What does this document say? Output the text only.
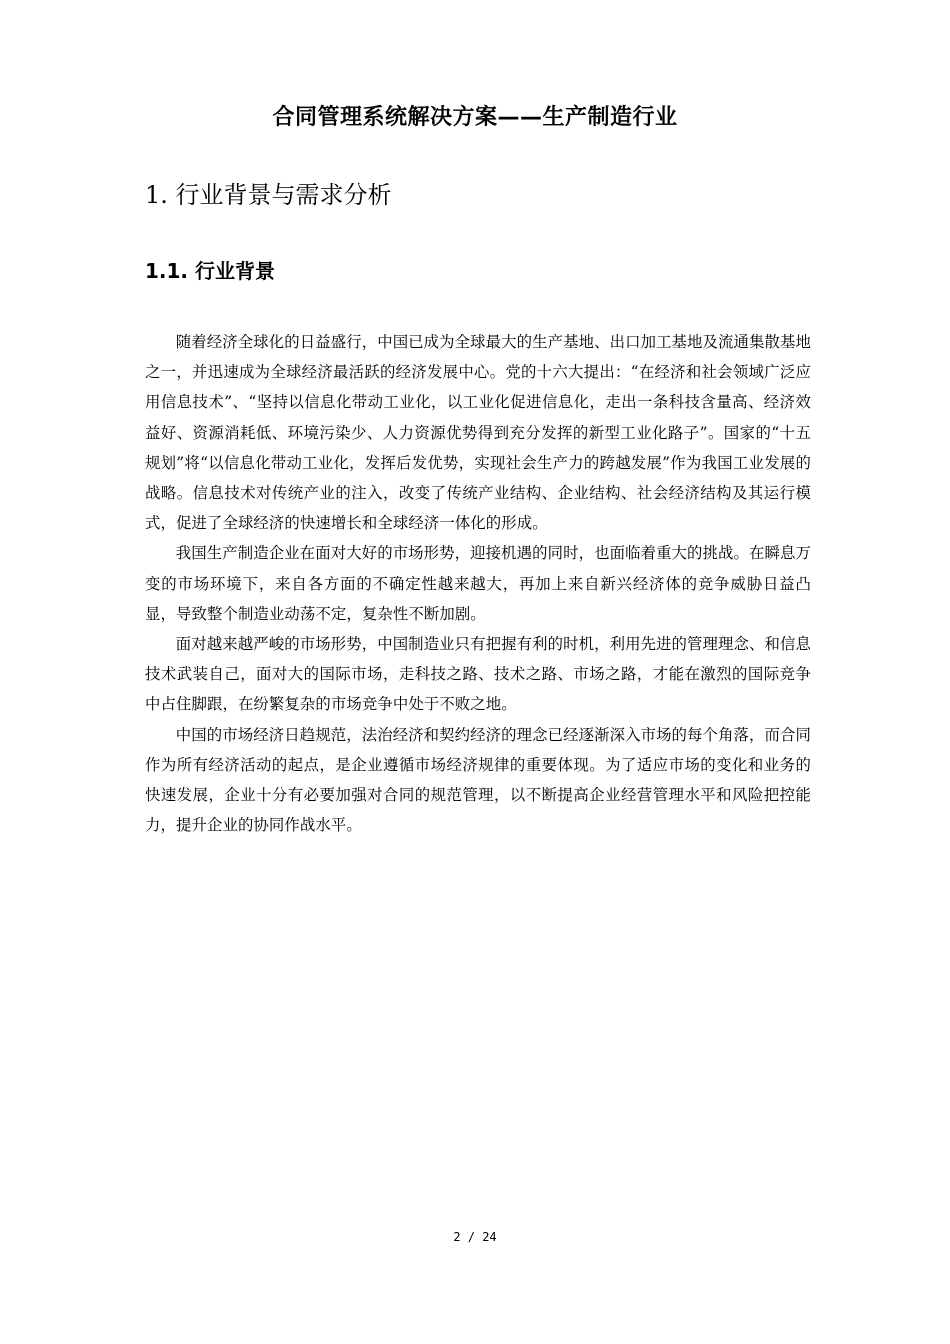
合同管理系统解决方案——生产制造行业
1. 行业背景与需求分析
1.1. 行业背景

随着经济全球化的日益盛行，中国已成为全球最大的生产基地、出口加工基地及流通集散基地之一，并迅速成为全球经济最活跃的经济发展中心。党的十六大提出：“在经济和社会领域广泛应用信息技术”、“坚持以信息化带动工业化，以工业化促进信息化，走出一条科技含量高、经济效益好、资源消耗低、环境污染少、人力资源优势得到充分发挥的新型工业化路子”。国家的“十五规划”将“以信息化带动工业化，发挥后发优势，实现社会生产力的跨越发展”作为我国工业发展的战略。信息技术对传统产业的注入，改变了传统产业结构、企业结构、社会经济结构及其运行模式，促进了全球经济的快速增长和全球经济一体化的形成。

我国生产制造企业在面对大好的市场形势，迎接机遇的同时，也面临着重大的挑战。在瞬息万变的市场环境下，来自各方面的不确定性越来越大，再加上来自新兴经济体的竞争威胁日益凸显，导致整个制造业动荡不定，复杂性不断加剧。

面对越来越严峻的市场形势，中国制造业只有把握有利的时机，利用先进的管理理念、和信息技术武装自己，面对大的国际市场，走科技之路、技术之路、市场之路，才能在激烈的国际竞争中占住脚跟，在纷繁复杂的市场竞争中处于不败之地。

中国的市场经济日趋规范，法治经济和契约经济的理念已经逐渐深入市场的每个角落，而合同作为所有经济活动的起点，是企业遵循市场经济规律的重要体现。为了适应市场的变化和业务的快速发展，企业十分有必要加强对合同的规范管理，以不断提高企业经营管理水平和风险把控能力，提升企业的协同作战水平。

2 / 24
